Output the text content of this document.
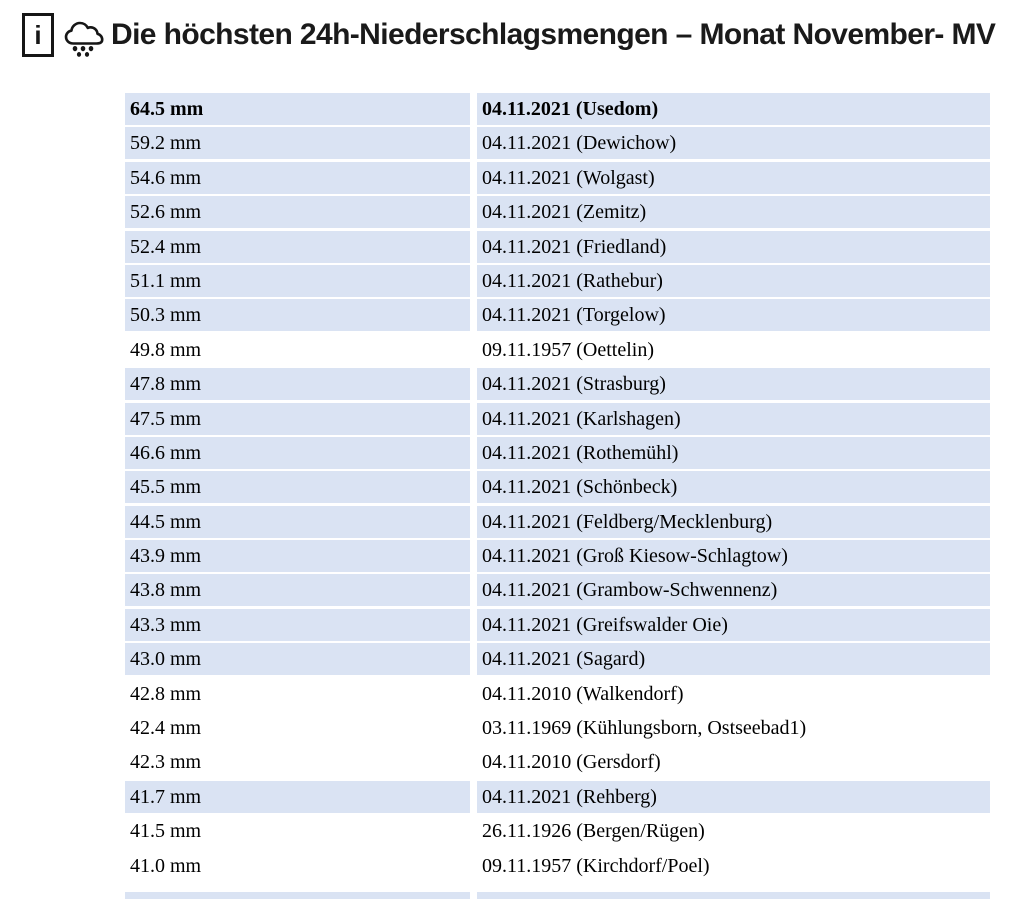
i Die höchsten 24h-Niederschlagsmengen – Monat November- MV
64.5 mm	04.11.2021 (Usedom)
59.2 mm	04.11.2021 (Dewichow)
54.6 mm	04.11.2021 (Wolgast)
52.6 mm	04.11.2021 (Zemitz)
52.4 mm	04.11.2021 (Friedland)
51.1 mm	04.11.2021 (Rathebur)
50.3 mm	04.11.2021 (Torgelow)
49.8 mm	09.11.1957 (Oettelin)
47.8 mm	04.11.2021 (Strasburg)
47.5 mm	04.11.2021 (Karlshagen)
46.6 mm	04.11.2021 (Rothemühl)
45.5 mm	04.11.2021 (Schönbeck)
44.5 mm	04.11.2021 (Feldberg/Mecklenburg)
43.9 mm	04.11.2021 (Groß Kiesow-Schlagtow)
43.8 mm	04.11.2021 (Grambow-Schwennenz)
43.3 mm	04.11.2021 (Greifswalder Oie)
43.0 mm	04.11.2021 (Sagard)
42.8 mm	04.11.2010 (Walkendorf)
42.4 mm	03.11.1969 (Kühlungsborn, Ostseebad1)
42.3 mm	04.11.2010 (Gersdorf)
41.7 mm	04.11.2021 (Rehberg)
41.5 mm	26.11.1926 (Bergen/Rügen)
41.0 mm	09.11.1957 (Kirchdorf/Poel)
